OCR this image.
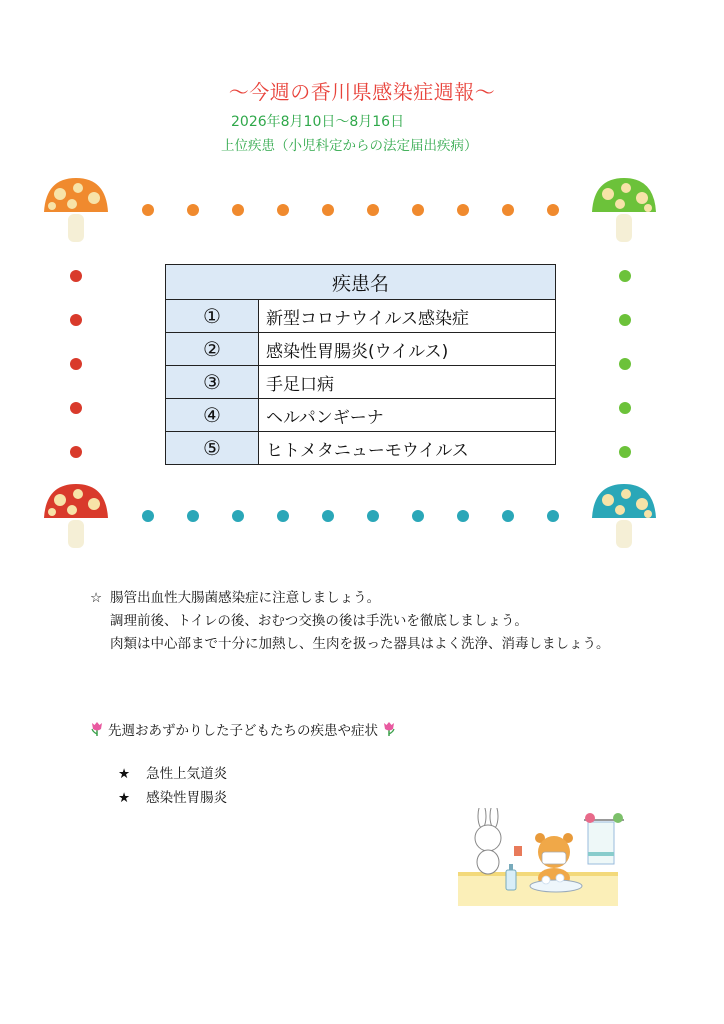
～今週の香川県感染症週報～
2026年8月10日～8月16日
上位疾患（小児科定からの法定届出疾病）
疾患名	
①	新型コロナウイルス感染症
②	感染性胃腸炎(ウイルス)
③	手足口病
④	ヘルパンギーナ
⑤	ヒトメタニューモウイルス
☆ 腸管出血性大腸菌感染症に注意しましょう。
調理前後、トイレの後、おむつ交換の後は手洗いを徹底しましょう。
肉類は中心部まで十分に加熱し、生肉を扱った器具はよく洗浄、消毒しましょう。
先週おあずかりした子どもたちの疾患や症状
★ 急性上気道炎
★ 感染性胃腸炎
